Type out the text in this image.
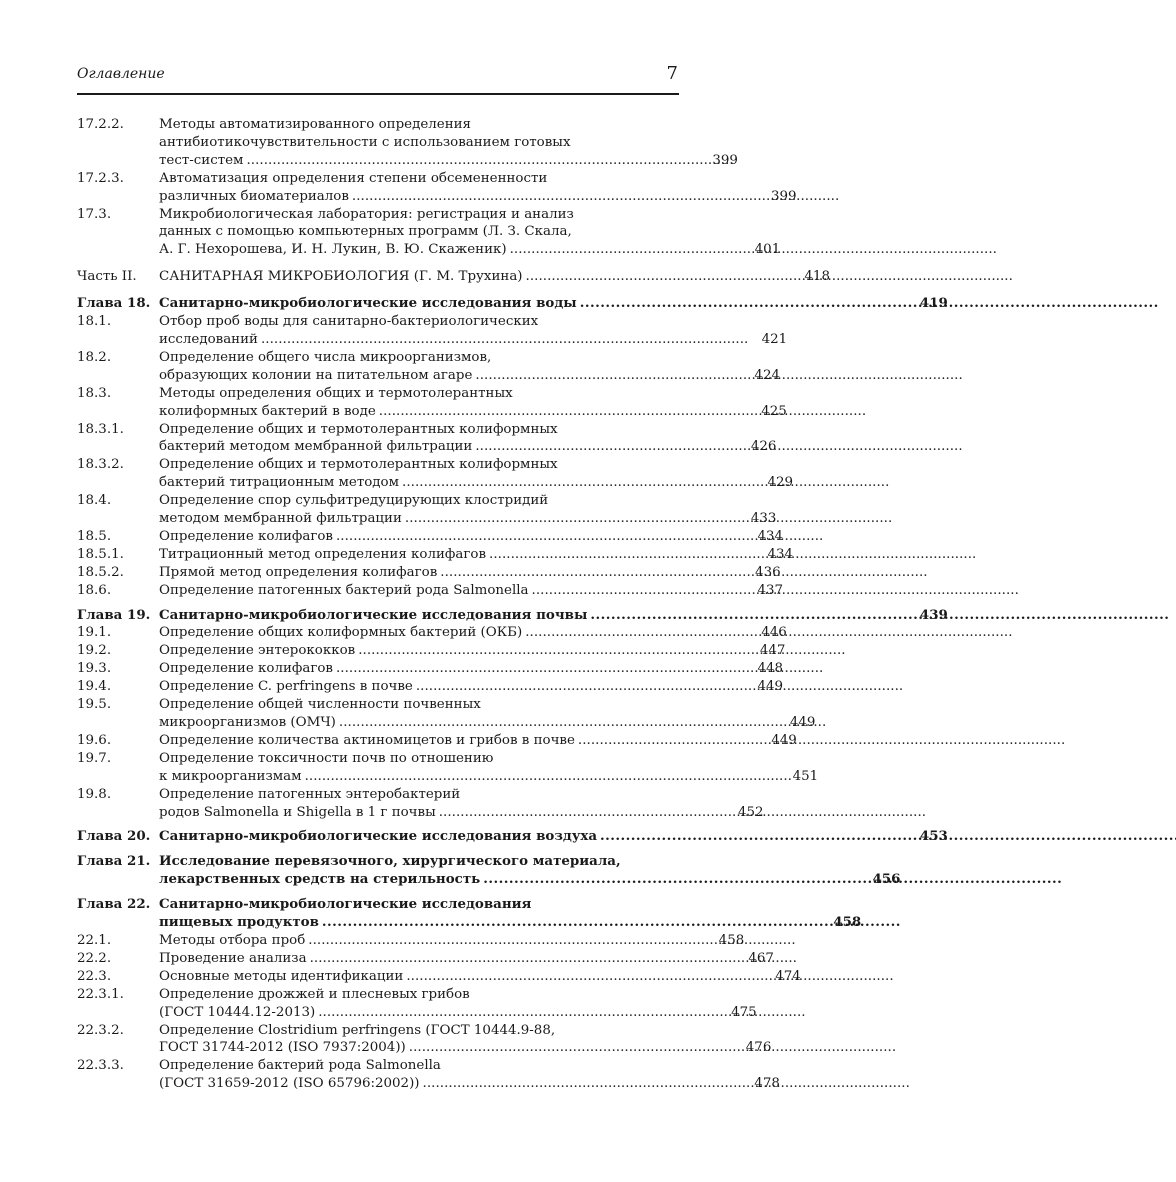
Оглавление	7
17.2.2.	Методы автоматизированного определения
антибиотикочувствительности с использованием готовых
тест-систем . . .	399
17.2.3.	Автоматизация определения степени обсемененности
различных биоматериалов . . .	399
17.3.	Микробиологическая лаборатория: регистрация и анализ
данных с помощью компьютерных программ (Л. З. Скала,
А. Г. Нехорошева, И. Н. Лукин, В. Ю. Скаженик) . . .	401
Часть II.	САНИТАРНАЯ МИКРОБИОЛОГИЯ (Г. М. Трухина) . . .	418
Глава 18. Санитарно-микробиологические исследования воды . . .	419
18.1.	Отбор проб воды для санитарно-бактериологических
исследований . . .	421
18.2.	Определение общего числа микроорганизмов,
образующих колонии на питательном агаре . . .	424
18.3.	Методы определения общих и термотолерантных
колиформных бактерий в воде . . .	425
18.3.1.	Определение общих и термотолерантных колиформных
бактерий методом мембранной фильтрации . . .	426
18.3.2.	Определение общих и термотолерантных колиформных
бактерий титрационным методом . . .	429
18.4.	Определение спор сульфитредуцирующих клостридий
методом мембранной фильтрации . . .	433
18.5.	Определение колифагов . . .	434
18.5.1.	Титрационный метод определения колифагов . . .	434
18.5.2.	Прямой метод определения колифагов . . .	436
18.6.	Определение патогенных бактерий рода Salmonella . . .	437
Глава 19. Санитарно-микробиологические исследования почвы . . .	439
19.1.	Определение общих колиформных бактерий (ОКБ) . . .	446
19.2.	Определение энтерококков . . .	447
19.3.	Определение колифагов . . .	448
19.4.	Определение C. perfringens в почве . . .	449
19.5.	Определение общей численности почвенных
микроорганизмов (ОМЧ) . . .	449
19.6.	Определение количества актиномицетов и грибов в почве . . .	449
19.7.	Определение токсичности почв по отношению
к микроорганизмам . . .	451
19.8.	Определение патогенных энтеробактерий
родов Salmonella и Shigella в 1 г почвы . . .	452
Глава 20. Санитарно-микробиологические исследования воздуха . . .	453
Глава 21. Исследование перевязочного, хирургического материала,
лекарственных средств на стерильность . . .	456
Глава 22. Санитарно-микробиологические исследования
пищевых продуктов . . .	458
22.1.	Методы отбора проб . . .	458
22.2.	Проведение анализа . . .	467
22.3.	Основные методы идентификации . . .	474
22.3.1.	Определение дрожжей и плесневых грибов
(ГОСТ 10444.12-2013) . . .	475
22.3.2.	Определение Clostridium perfringens (ГОСТ 10444.9-88,
ГОСТ 31744-2012 (ISO 7937:2004)) . . .	476
22.3.3.	Определение бактерий рода Salmonella
(ГОСТ 31659-2012 (ISO 65796:2002)) . . .	478
